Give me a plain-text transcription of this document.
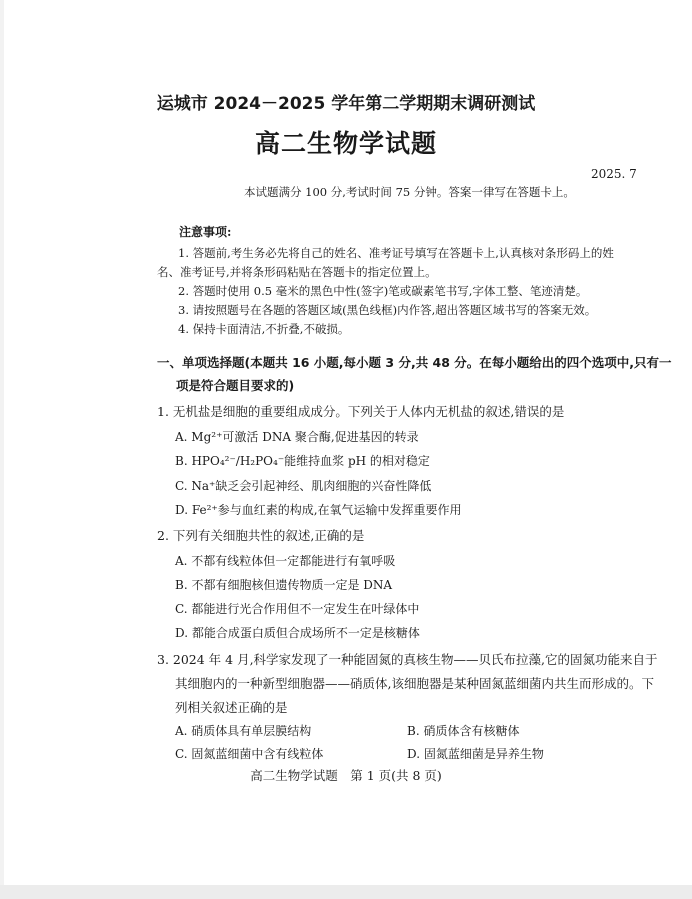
运城市 2024－2025 学年第二学期期末调研测试
高二生物学试题
2025. 7
本试题满分 100 分,考试时间 75 分钟。答案一律写在答题卡上。
注意事项:
1. 答题前,考生务必先将自己的姓名、准考证号填写在答题卡上,认真核对条形码上的姓
名、准考证号,并将条形码粘贴在答题卡的指定位置上。
2. 答题时使用 0.5 毫米的黑色中性(签字)笔或碳素笔书写,字体工整、笔迹清楚。
3. 请按照题号在各题的答题区域(黑色线框)内作答,超出答题区域书写的答案无效。
4. 保持卡面清洁,不折叠,不破损。
一、单项选择题(本题共 16 小题,每小题 3 分,共 48 分。在每小题给出的四个选项中,只有一
项是符合题目要求的)
1. 无机盐是细胞的重要组成成分。下列关于人体内无机盐的叙述,错误的是
A. Mg²⁺可激活 DNA 聚合酶,促进基因的转录
B. HPO₄²⁻/H₂PO₄⁻能维持血浆 pH 的相对稳定
C. Na⁺缺乏会引起神经、肌肉细胞的兴奋性降低
D. Fe²⁺参与血红素的构成,在氧气运输中发挥重要作用
2. 下列有关细胞共性的叙述,正确的是
A. 不都有线粒体但一定都能进行有氧呼吸
B. 不都有细胞核但遗传物质一定是 DNA
C. 都能进行光合作用但不一定发生在叶绿体中
D. 都能合成蛋白质但合成场所不一定是核糖体
3. 2024 年 4 月,科学家发现了一种能固氮的真核生物——贝氏布拉藻,它的固氮功能来自于
其细胞内的一种新型细胞器——硝质体,该细胞器是某种固氮蓝细菌内共生而形成的。下
列相关叙述正确的是
A. 硝质体具有单层膜结构	B. 硝质体含有核糖体
C. 固氮蓝细菌中含有线粒体	D. 固氮蓝细菌是异养生物
高二生物学试题　第 1 页(共 8 页)
